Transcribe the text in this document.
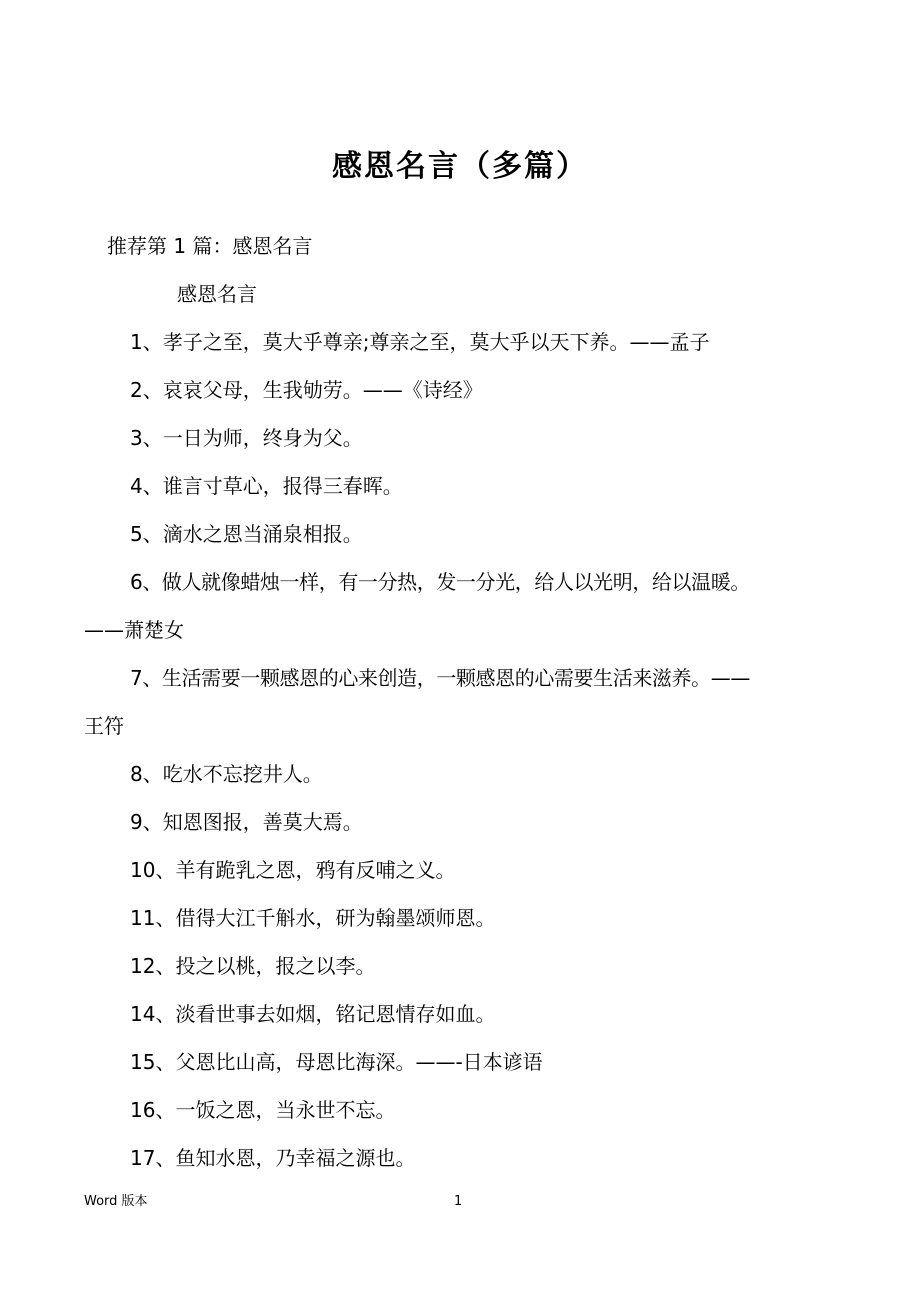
感恩名言（多篇）
推荐第 1 篇：感恩名言
感恩名言
1、孝子之至，莫大乎尊亲;尊亲之至，莫大乎以天下养。——孟子
2、哀哀父母，生我劬劳。——《诗经》
3、一日为师，终身为父。
4、谁言寸草心，报得三春晖。
5、滴水之恩当涌泉相报。
6、做人就像蜡烛一样，有一分热，发一分光，给人以光明，给以温暖。
——萧楚女
7、生活需要一颗感恩的心来创造，一颗感恩的心需要生活来滋养。——
王符
8、吃水不忘挖井人。
9、知恩图报，善莫大焉。
10、羊有跪乳之恩，鸦有反哺之义。
11、借得大江千斛水，研为翰墨颂师恩。
12、投之以桃，报之以李。
14、淡看世事去如烟，铭记恩情存如血。
15、父恩比山高，母恩比海深。——-日本谚语
16、一饭之恩，当永世不忘。
17、鱼知水恩，乃幸福之源也。
Word 版本	1
